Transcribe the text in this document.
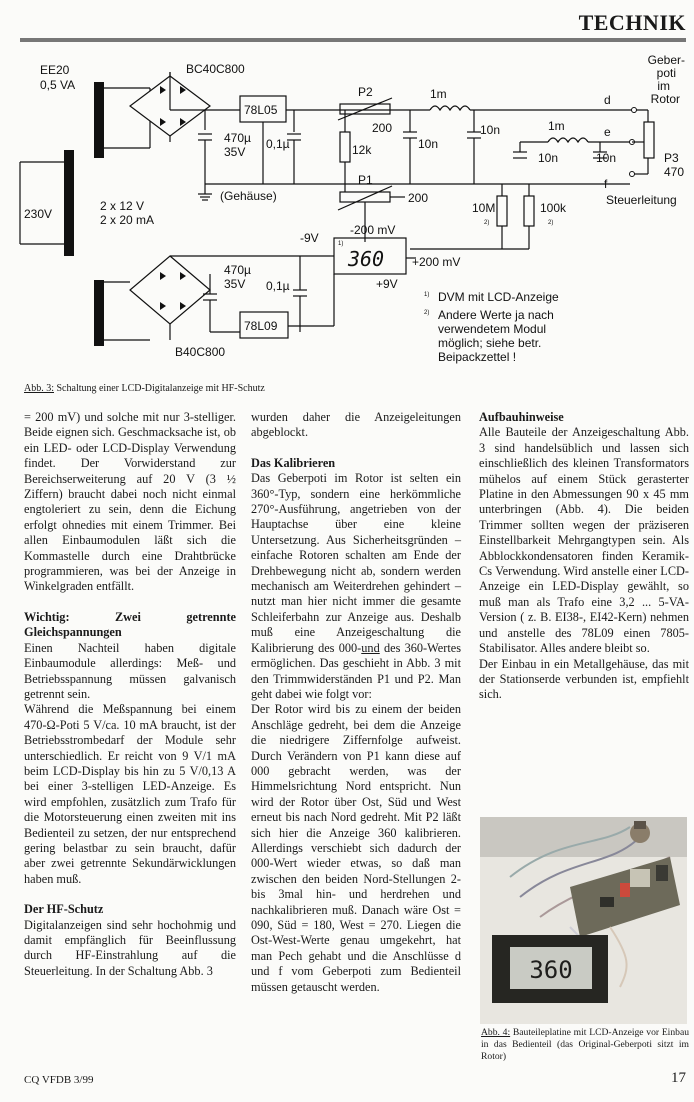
TECHNIK
360
EE20
0,5 VA
BC40C800
B40C800
230V
2 x 12 V
2 x 20 mA
78L05
78L09
470µ
35V
470µ
35V
0,1µ
0,1µ
P2
200
P1
200
12k	10n
10n
10n	10n
1m
1m
10M
2)
100k
2)
1)
-200 mV
+200 mV
-9V
+9V
(Gehäuse)
d
e
f
P3
470
Geber-
poti
im
Rotor
Steuerleitung
1) DVM mit LCD-Anzeige
2) Andere Werte ja nach
verwendetem Modul
möglich; siehe betr.
Beipackzettel !
Abb. 3: Schaltung einer LCD-Digitalanzeige mit HF-Schutz

= 200 mV) und solche mit nur 3-stelliger. Beide eignen sich. Geschmacksache ist, ob ein LED- oder LCD-Display Verwendung findet. Der Vorwiderstand zur Bereichserweiterung auf 20 V (3 ½ Ziffern) braucht dabei noch nicht einmal engtoleriert zu sein, denn die Eichung erfolgt ohnedies mit einem Trimmer. Bei allen Einbaumodulen läßt sich die Kommastelle durch eine Drahtbrücke programmieren, was bei der Anzeige in Winkelgraden entfällt.

Wichtig: Zwei getrennte Gleichspannungen

Einen Nachteil haben digitale Einbaumodule allerdings: Meß- und Betriebsspannung müssen galvanisch getrennt sein.

Während die Meßspannung bei einem 470-Ω-Poti 5 V/ca. 10 mA braucht, ist der Betriebsstrombedarf der Module sehr unterschiedlich. Er reicht von 9 V/1 mA beim LCD-Display bis hin zu 5 V/0,13 A bei einer 3-stelligen LED-Anzeige. Es wird empfohlen, zusätzlich zum Trafo für die Motorsteuerung einen zweiten mit ins Bedienteil zu setzen, der nur entsprechend gering belastbar zu sein braucht, dafür aber zwei getrennte Sekundärwicklungen haben muß.

Der HF-Schutz

Digitalanzeigen sind sehr hochohmig und damit empfänglich für Beeinflussung durch HF-Einstrahlung auf die Steuerleitung. In der Schaltung Abb. 3

wurden daher die Anzeigeleitungen abgeblockt.

Das Kalibrieren

Das Geberpoti im Rotor ist selten ein 360°-Typ, sondern eine herkömmliche 270°-Ausführung, angetrieben von der Hauptachse über eine kleine Untersetzung. Aus Sicherheitsgründen – einfache Rotoren schalten am Ende der Drehbewegung nicht ab, sondern werden mechanisch am Weiterdrehen gehindert – nutzt man hier nicht immer die gesamte Schleiferbahn zur Anzeige aus. Deshalb muß eine Anzeigeschaltung die Kalibrierung des 000-und des 360-Wertes ermöglichen. Das geschieht in Abb. 3 mit den Trimmwiderständen P1 und P2. Man geht dabei wie folgt vor:

Der Rotor wird bis zu einem der beiden Anschläge gedreht, bei dem die Anzeige die niedrigere Ziffernfolge aufweist. Durch Verändern von P1 kann diese auf 000 gebracht werden, was der Himmelsrichtung Nord entspricht. Nun wird der Rotor über Ost, Süd und West erneut bis nach Nord gedreht. Mit P2 läßt sich hier die Anzeige 360 kalibrieren. Allerdings verschiebt sich dadurch der 000-Wert wieder etwas, so daß man zwischen den beiden Nord-Stellungen 2- bis 3mal hin- und herdrehen und nachkalibrieren muß. Danach wäre Ost = 090, Süd = 180, West = 270. Liegen die Ost-West-Werte genau umgekehrt, hat man Pech gehabt und die Anschlüsse d und f vom Geberpoti zum Bedienteil müssen getauscht werden.

Aufbauhinweise

Alle Bauteile der Anzeigeschaltung Abb. 3 sind handelsüblich und lassen sich einschließlich des kleinen Transformators mühelos auf einem Stück gerasterter Platine in den Abmessungen 90 x 45 mm unterbringen (Abb. 4). Die beiden Trimmer sollten wegen der präziseren Einstellbarkeit Mehrgangtypen sein. Als Abblockkondensatoren finden Keramik-Cs Verwendung. Wird anstelle einer LCD-Anzeige ein LED-Display gewählt, so muß man als Trafo eine 3,2 ... 5-VA-Version ( z. B. EI38-, EI42-Kern) nehmen und anstelle des 78L09 einen 7805-Stabilisator. Alles andere bleibt so.

Der Einbau in ein Metallgehäuse, das mit der Stationserde verbunden ist, empfiehlt sich.

360
Abb. 4: Bauteileplatine mit LCD-Anzeige vor Einbau in das Bedienteil (das Original-Geberpoti sitzt im Rotor)
CQ VFDB 3/99	17
